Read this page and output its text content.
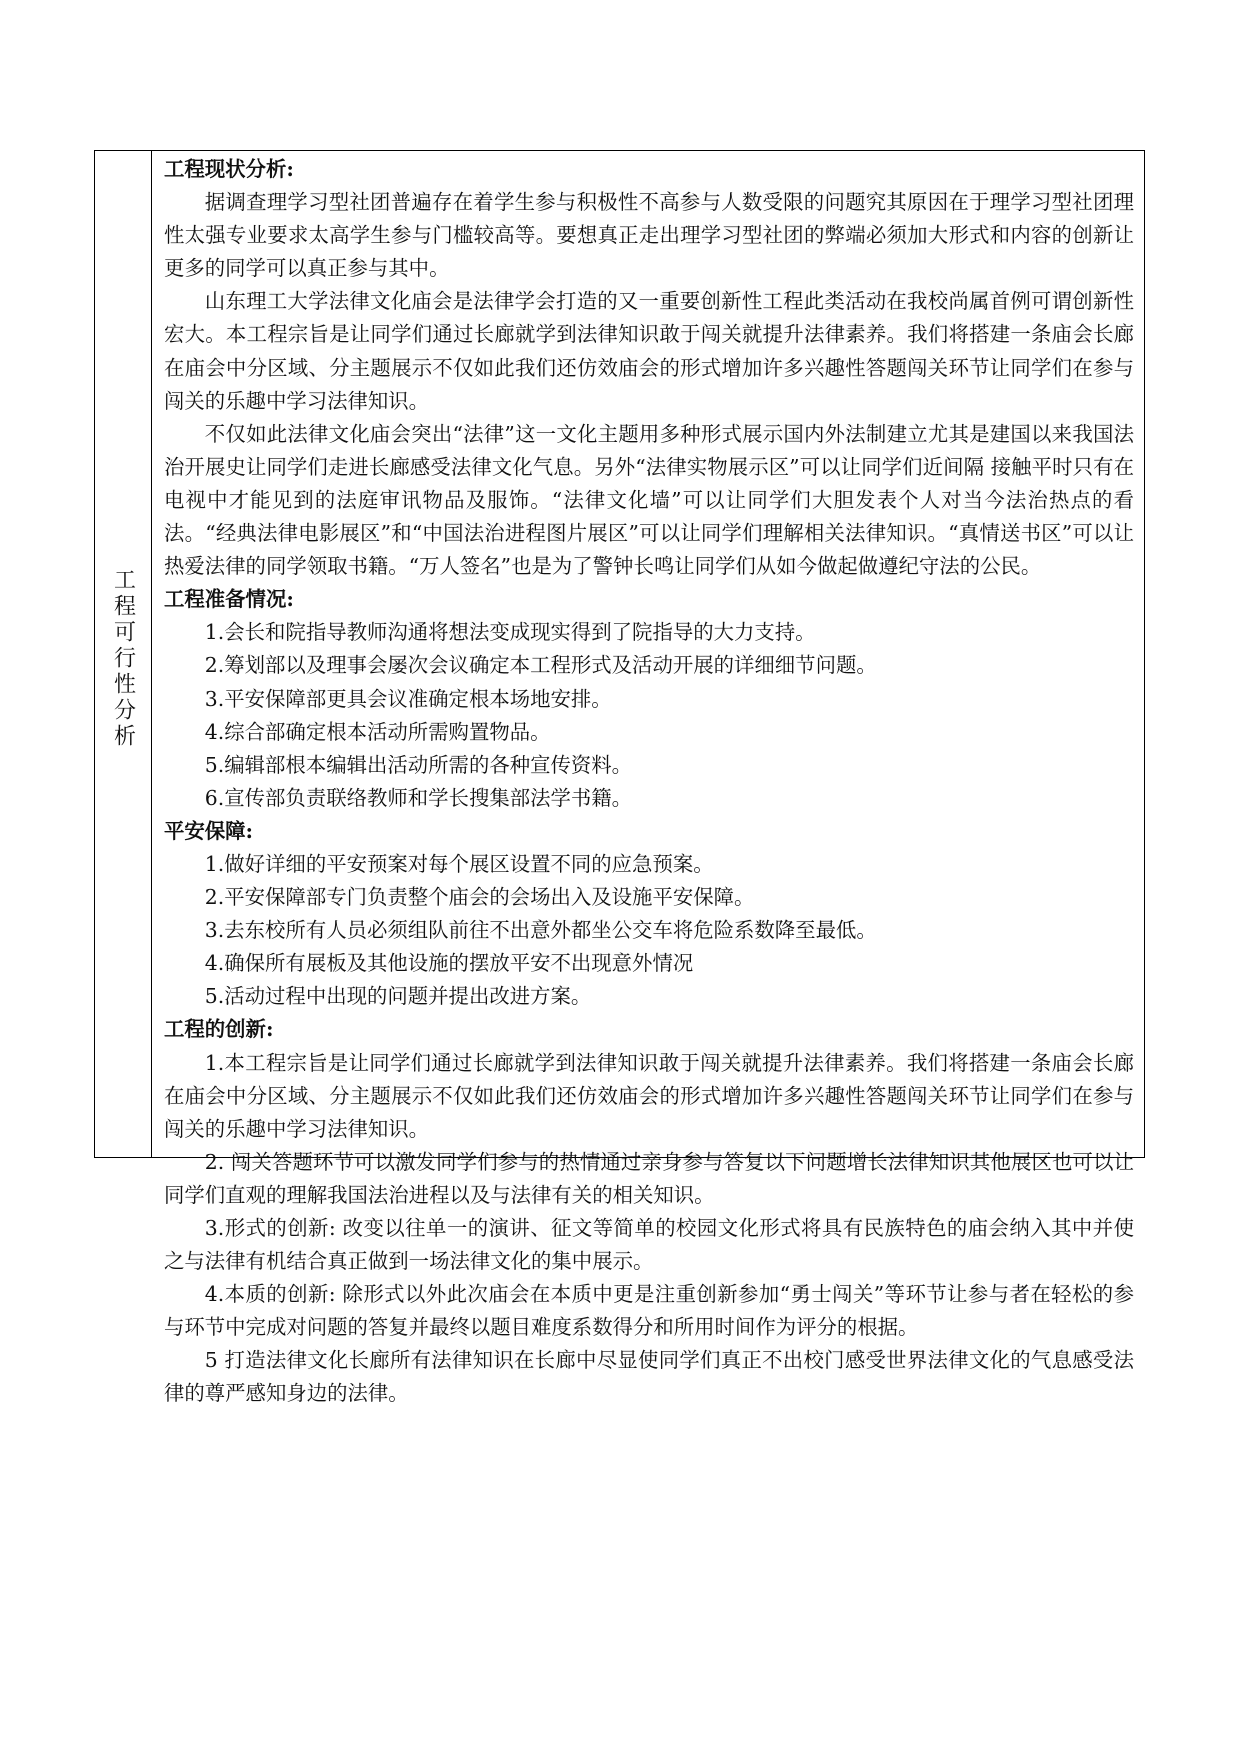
工程可行性分析

工程现状分析:

据调查理学习型社团普遍存在着学生参与积极性不高参与人数受限的问题究其原因在于理学习型社团理性太强专业要求太高学生参与门槛较高等。要想真正走出理学习型社团的弊端必须加大形式和内容的创新让更多的同学可以真正参与其中。

山东理工大学法律文化庙会是法律学会打造的又一重要创新性工程此类活动在我校尚属首例可谓创新性宏大。本工程宗旨是让同学们通过长廊就学到法律知识敢于闯关就提升法律素养。我们将搭建一条庙会长廊在庙会中分区域、分主题展示不仅如此我们还仿效庙会的形式增加许多兴趣性答题闯关环节让同学们在参与闯关的乐趣中学习法律知识。

不仅如此法律文化庙会突出“法律”这一文化主题用多种形式展示国内外法制建立尤其是建国以来我国法治开展史让同学们走进长廊感受法律文化气息。另外“法律实物展示区”可以让同学们近间隔 接触平时只有在电视中才能见到的法庭审讯物品及服饰。“法律文化墙”可以让同学们大胆发表个人对当今法治热点的看法。“经典法律电影展区”和“中国法治进程图片展区”可以让同学们理解相关法律知识。“真情送书区”可以让热爱法律的同学领取书籍。“万人签名”也是为了警钟长鸣让同学们从如今做起做遵纪守法的公民。

工程准备情况:

1.会长和院指导教师沟通将想法变成现实得到了院指导的大力支持。

2.筹划部以及理事会屡次会议确定本工程形式及活动开展的详细细节问题。

3.平安保障部更具会议准确定根本场地安排。

4.综合部确定根本活动所需购置物品。

5.编辑部根本编辑出活动所需的各种宣传资料。

6.宣传部负责联络教师和学长搜集部法学书籍。

平安保障:

1.做好详细的平安预案对每个展区设置不同的应急预案。

2.平安保障部专门负责整个庙会的会场出入及设施平安保障。

3.去东校所有人员必须组队前往不出意外都坐公交车将危险系数降至最低。

4.确保所有展板及其他设施的摆放平安不出现意外情况

5.活动过程中出现的问题并提出改进方案。

工程的创新:

1.本工程宗旨是让同学们通过长廊就学到法律知识敢于闯关就提升法律素养。我们将搭建一条庙会长廊在庙会中分区域、分主题展示不仅如此我们还仿效庙会的形式增加许多兴趣性答题闯关环节让同学们在参与闯关的乐趣中学习法律知识。

2. 闯关答题环节可以激发同学们参与的热情通过亲身参与答复以下问题增长法律知识其他展区也可以让同学们直观的理解我国法治进程以及与法律有关的相关知识。

3.形式的创新: 改变以往单一的演讲、征文等简单的校园文化形式将具有民族特色的庙会纳入其中并使之与法律有机结合真正做到一场法律文化的集中展示。

4.本质的创新: 除形式以外此次庙会在本质中更是注重创新参加“勇士闯关”等环节让参与者在轻松的参与环节中完成对问题的答复并最终以题目难度系数得分和所用时间作为评分的根据。

5 打造法律文化长廊所有法律知识在长廊中尽显使同学们真正不出校门感受世界法律文化的气息感受法律的尊严感知身边的法律。
